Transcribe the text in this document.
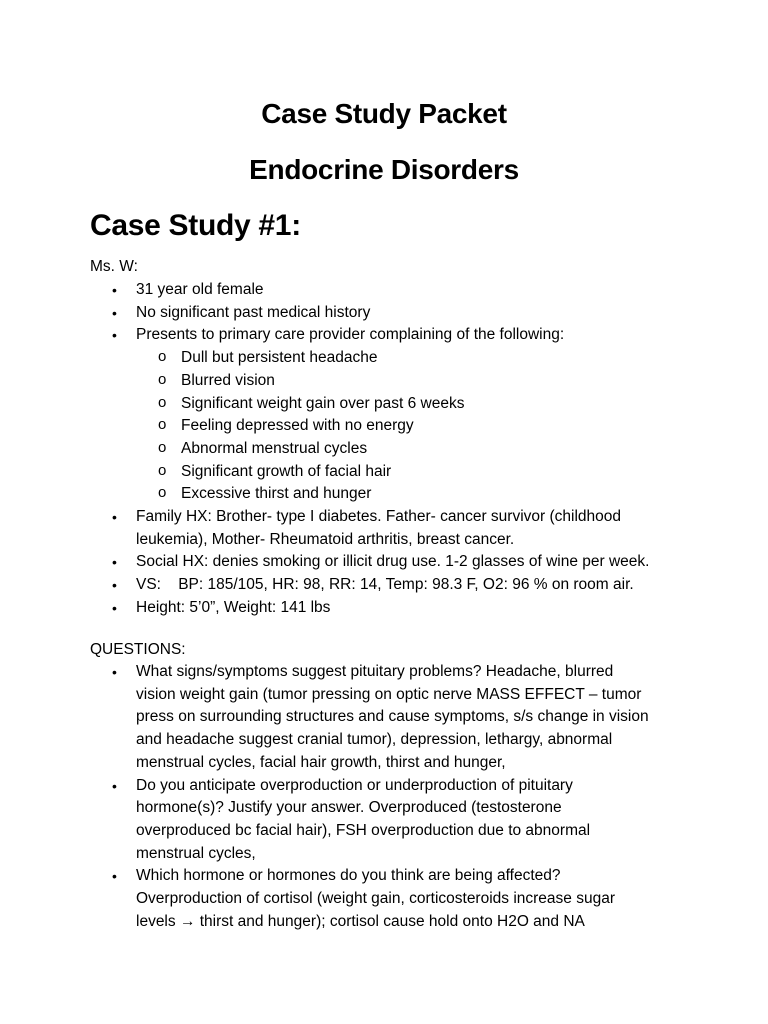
Case Study Packet
Endocrine Disorders
Case Study #1:
Ms. W:
• 31 year old female
• No significant past medical history
• Presents to primary care provider complaining of the following:
o Dull but persistent headache
o Blurred vision
o Significant weight gain over past 6 weeks
o Feeling depressed with no energy
o Abnormal menstrual cycles
o Significant growth of facial hair
o Excessive thirst and hunger
• Family HX: Brother- type I diabetes. Father- cancer survivor (childhood
leukemia), Mother- Rheumatoid arthritis, breast cancer.
• Social HX: denies smoking or illicit drug use. 1-2 glasses of wine per week.
• VS:    BP: 185/105, HR: 98, RR: 14, Temp: 98.3 F, O2: 96 % on room air.
• Height: 5’0”, Weight: 141 lbs
QUESTIONS:
• What signs/symptoms suggest pituitary problems? Headache, blurred
vision weight gain (tumor pressing on optic nerve MASS EFFECT – tumor
press on surrounding structures and cause symptoms, s/s change in vision
and headache suggest cranial tumor), depression, lethargy, abnormal
menstrual cycles, facial hair growth, thirst and hunger,
• Do you anticipate overproduction or underproduction of pituitary
hormone(s)? Justify your answer. Overproduced (testosterone
overproduced bc facial hair), FSH overproduction due to abnormal
menstrual cycles,
• Which hormone or hormones do you think are being affected?
Overproduction of cortisol (weight gain, corticosteroids increase sugar
levels → thirst and hunger); cortisol cause hold onto H2O and NA
